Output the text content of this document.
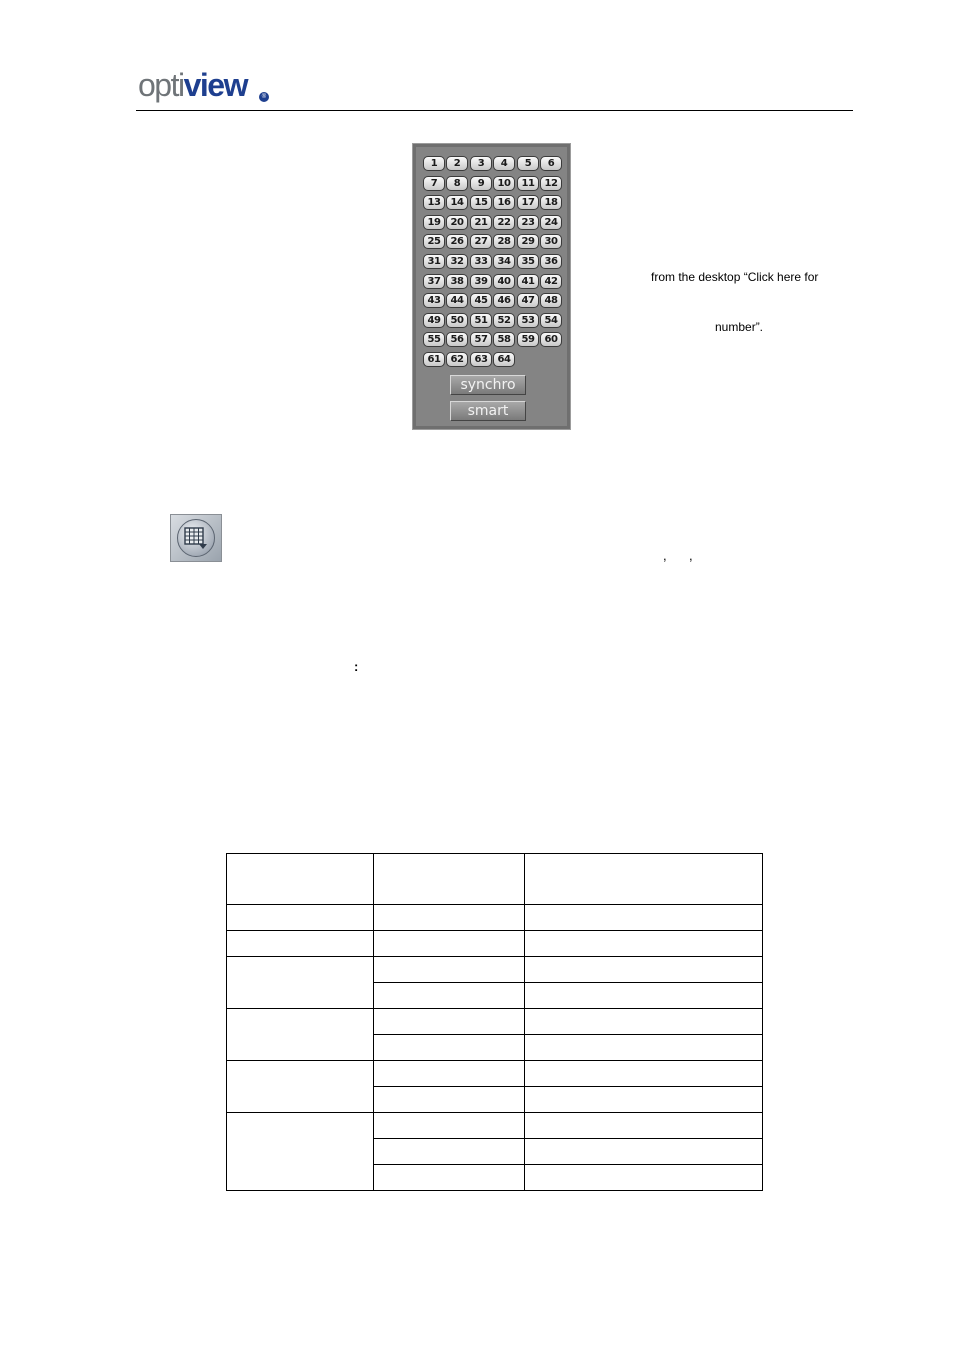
optiview	®
synchro
smart
1	2	3	4	5	6
7	8	9	10	11	12
13	14	15	16	17	18
19	20	21	22	23	24
25	26	27	28	29	30
31	32	33	34	35	36
37	38	39	40	41	42
43	44	45	46	47	48
49	50	51	52	53	54
55	56	57	58	59	60
61	62	63	64
from the desktop “Click here for
number”.
, ,
:
